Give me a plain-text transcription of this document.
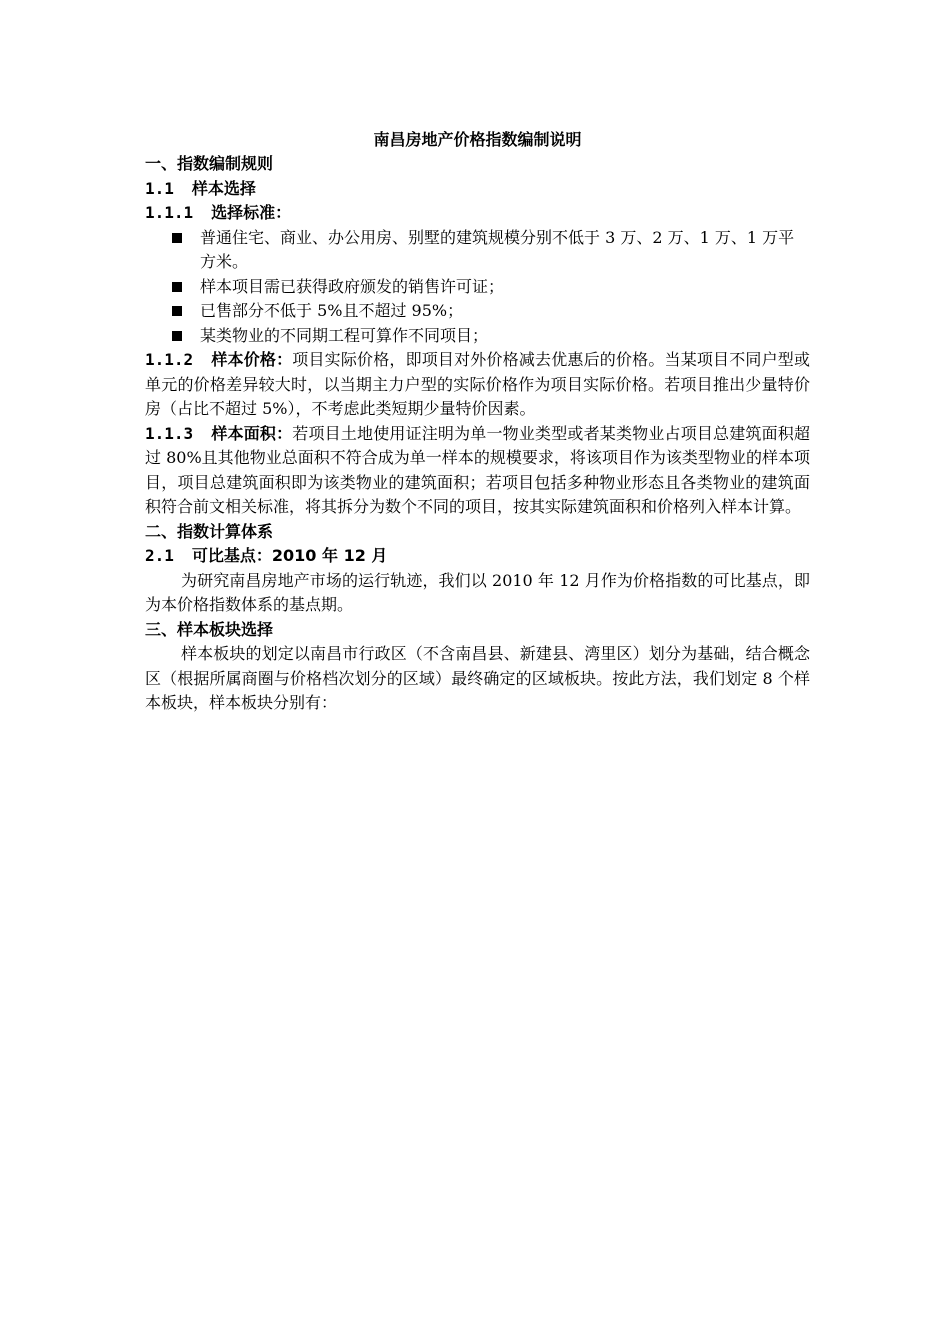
南昌房地产价格指数编制说明
一、指数编制规则
1.1 样本选择
1.1.1 选择标准：
普通住宅、商业、办公用房、别墅的建筑规模分别不低于 3 万、2 万、1 万、1 万平方米。
样本项目需已获得政府颁发的销售许可证；
已售部分不低于 5%且不超过 95%；
某类物业的不同期工程可算作不同项目；

1.1.2 样本价格：项目实际价格，即项目对外价格减去优惠后的价格。当某项目不同户型或单元的价格差异较大时，以当期主力户型的实际价格作为项目实际价格。若项目推出少量特价房（占比不超过 5%），不考虑此类短期少量特价因素。

1.1.3 样本面积：若项目土地使用证注明为单一物业类型或者某类物业占项目总建筑面积超过 80%且其他物业总面积不符合成为单一样本的规模要求，将该项目作为该类型物业的样本项目，项目总建筑面积即为该类物业的建筑面积；若项目包括多种物业形态且各类物业的建筑面积符合前文相关标准，将其拆分为数个不同的项目，按其实际建筑面积和价格列入样本计算。

二、指数计算体系
2.1 可比基点：2010 年 12 月

为研究南昌房地产市场的运行轨迹，我们以 2010 年 12 月作为价格指数的可比基点，即为本价格指数体系的基点期。

三、样本板块选择

样本板块的划定以南昌市行政区（不含南昌县、新建县、湾里区）划分为基础，结合概念区（根据所属商圈与价格档次划分的区域）最终确定的区域板块。按此方法，我们划定 8 个样本板块，样本板块分别有：
